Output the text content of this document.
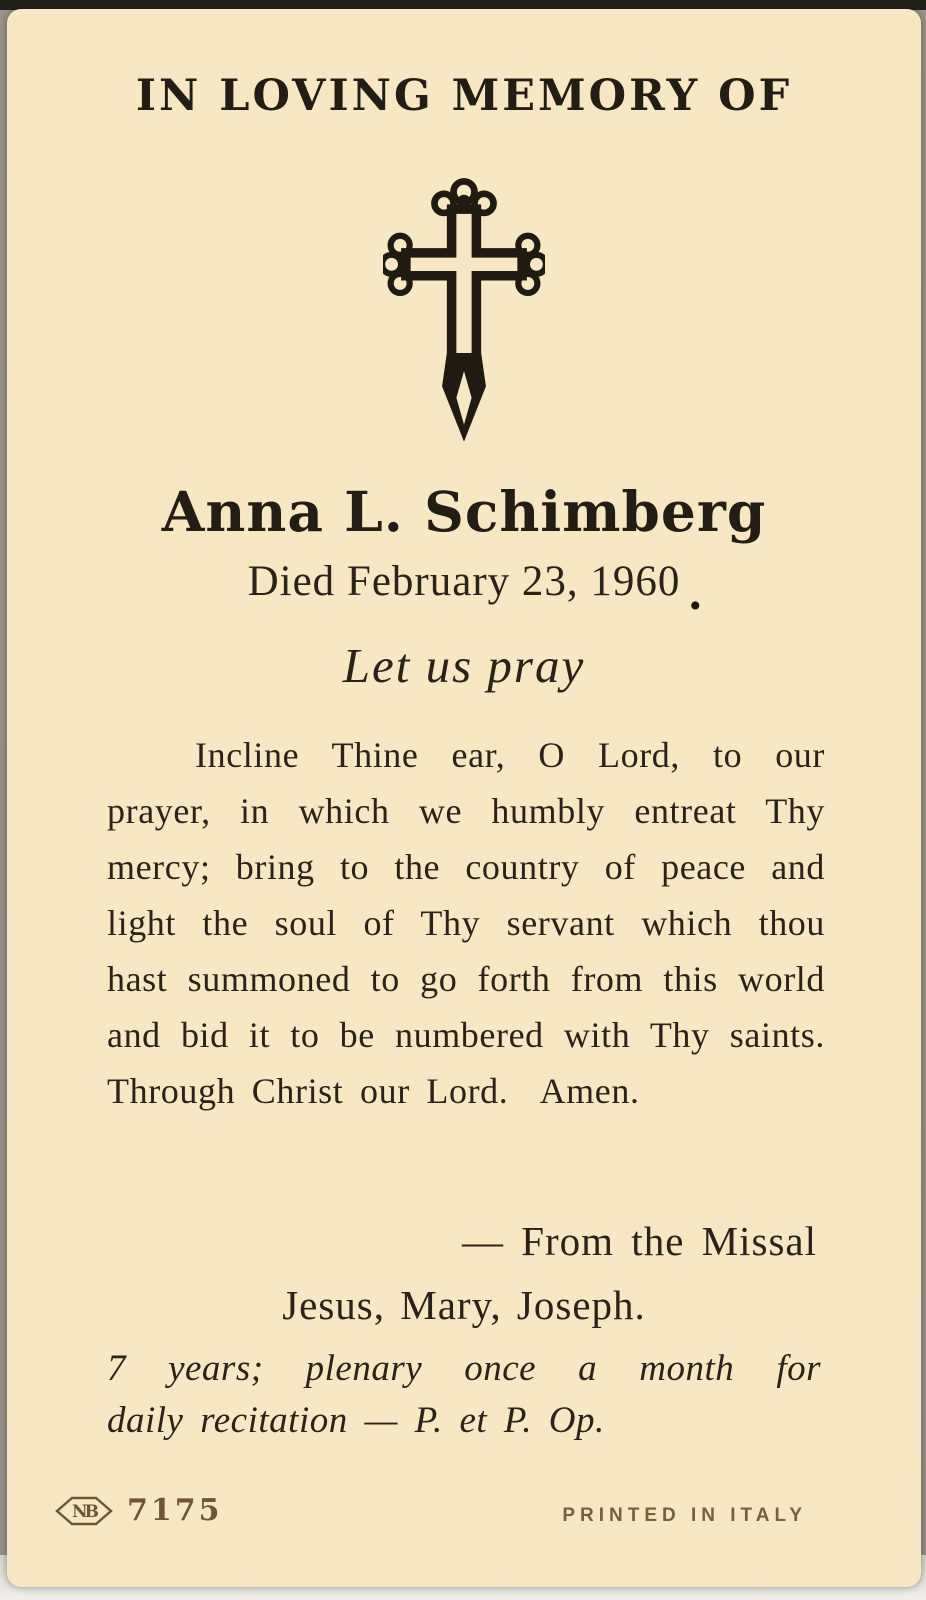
IN LOVING MEMORY OF
Anna L. Schimberg
Died February 23, 1960 .
Let us pray
Incline Thine ear, O Lord, to our prayer, in which we humbly entreat Thy mercy; bring to the country of peace and light the soul of Thy servant which thou hast summoned to go forth from this world and bid it to be numbered with Thy saints. Through Christ our Lord.  Amen.
— From the Missal
Jesus, Mary, Joseph.
7 years; plenary once a month for
daily recitation — P. et P. Op.
NB 7175	PRINTED IN ITALY
